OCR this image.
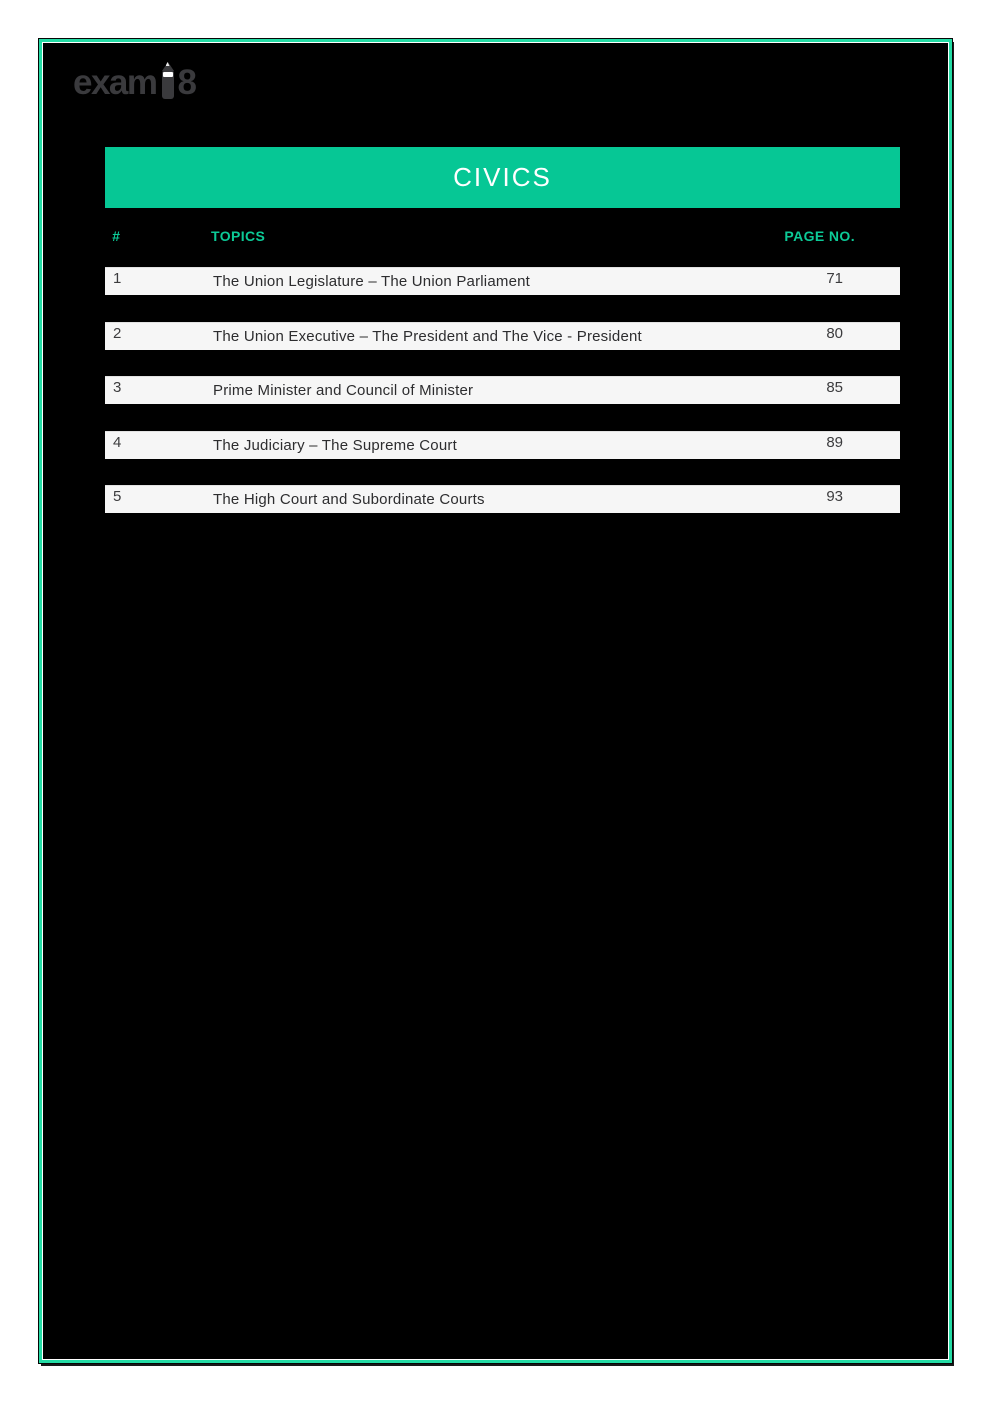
exam 8
CIVICS
#	TOPICS	PAGE NO.
1	The Union Legislature – The Union Parliament	71
2	The Union Executive – The President and The Vice - President	80
3	Prime Minister and Council of Minister	85
4	The Judiciary – The Supreme Court	89
5	The High Court and Subordinate Courts	93
